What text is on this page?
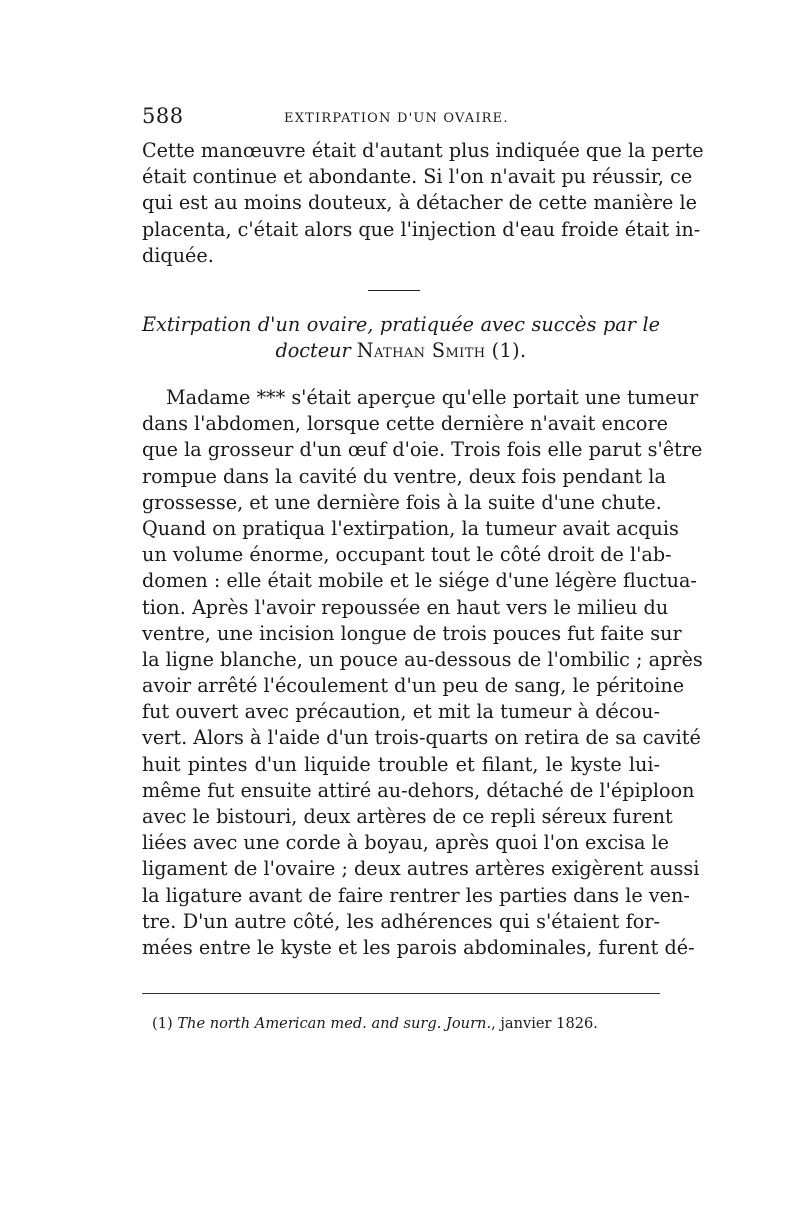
588	EXTIRPATION D'UN OVAIRE.
Cette manœuvre était d'autant plus indiquée que la perte
était continue et abondante. Si l'on n'avait pu réussir, ce
qui est au moins douteux, à détacher de cette manière le
placenta, c'était alors que l'injection d'eau froide était in-
diquée.
Extirpation d'un ovaire, pratiquée avec succès par le
docteur Nathan Smith (1).
Madame *** s'était aperçue qu'elle portait une tumeur
dans l'abdomen, lorsque cette dernière n'avait encore
que la grosseur d'un œuf d'oie. Trois fois elle parut s'être
rompue dans la cavité du ventre, deux fois pendant la
grossesse, et une dernière fois à la suite d'une chute.
Quand on pratiqua l'extirpation, la tumeur avait acquis
un volume énorme, occupant tout le côté droit de l'ab-
domen : elle était mobile et le siége d'une légère fluctua-
tion. Après l'avoir repoussée en haut vers le milieu du
ventre, une incision longue de trois pouces fut faite sur
la ligne blanche, un pouce au-dessous de l'ombilic ; après
avoir arrêté l'écoulement d'un peu de sang, le péritoine
fut ouvert avec précaution, et mit la tumeur à décou-
vert. Alors à l'aide d'un trois-quarts on retira de sa cavité
huit pintes d'un liquide trouble et filant, le kyste lui-
même fut ensuite attiré au-dehors, détaché de l'épiploon
avec le bistouri, deux artères de ce repli séreux furent
liées avec une corde à boyau, après quoi l'on excisa le
ligament de l'ovaire ; deux autres artères exigèrent aussi
la ligature avant de faire rentrer les parties dans le ven-
tre. D'un autre côté, les adhérences qui s'étaient for-
mées entre le kyste et les parois abdominales, furent dé-
(1) The north American med. and surg. Journ., janvier 1826.
